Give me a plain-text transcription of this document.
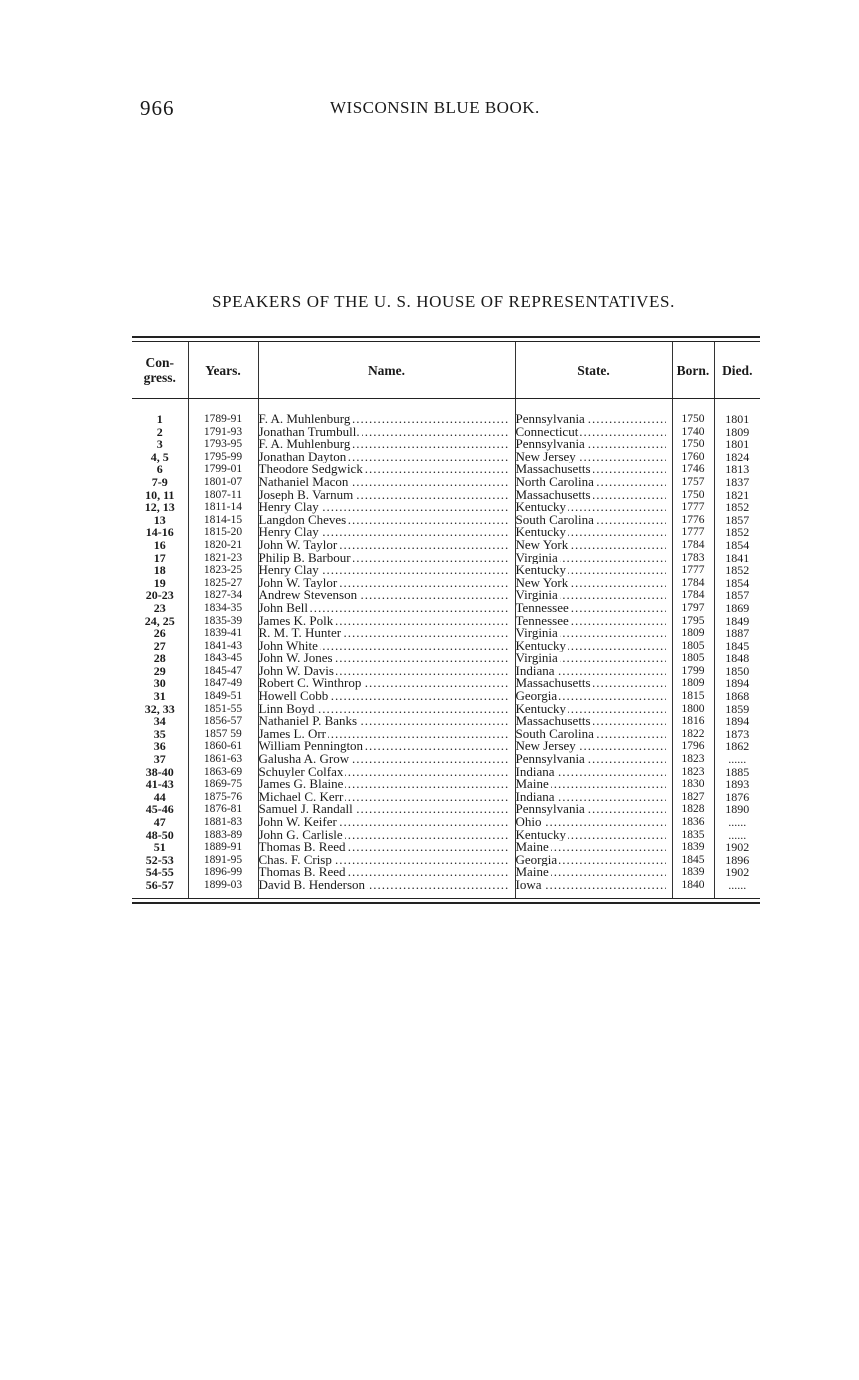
966	WISCONSIN BLUE BOOK.
SPEAKERS OF THE U. S. HOUSE OF REPRESENTATIVES.
Con- gress.	Years.	Name.	State.	Born.	Died.

1	1789-91	F. A. Muhlenburg .....	Pennsylvania .....	1750	1801
2	1791-93	Jonathan Trumbull. .....	Connecticut .....	1740	1809
3	1793-95	F. A. Muhlenburg .....	Pennsylvania .....	1750	1801
4, 5	1795-99	Jonathan Dayton .....	New Jersey .....	1760	1824
6	1799-01	Theodore Sedgwick .....	Massachusetts .....	1746	1813
7-9	1801-07	Nathaniel Macon .....	North Carolina .....	1757	1837
10, 11	1807-11	Joseph B. Varnum .....	Massachusetts .....	1750	1821
12, 13	1811-14	Henry Clay .....	Kentucky .....	1777	1852
13	1814-15	Langdon Cheves .....	South Carolina .....	1776	1857
14-16	1815-20	Henry Clay .....	Kentucky .....	1777	1852
16	1820-21	John W. Taylor .....	New York .....	1784	1854
17	1821-23	Philip B. Barbour .....	Virginia .....	1783	1841
18	1823-25	Henry Clay .....	Kentucky .....	1777	1852
19	1825-27	John W. Taylor .....	New York .....	1784	1854
20-23	1827-34	Andrew Stevenson .....	Virginia .....	1784	1857
23	1834-35	John Bell .....	Tennessee .....	1797	1869
24, 25	1835-39	James K. Polk .....	Tennessee .....	1795	1849
26	1839-41	R. M. T. Hunter .....	Virginia .....	1809	1887
27	1841-43	John White .....	Kentucky .....	1805	1845
28	1843-45	John W. Jones .....	Virginia .....	1805	1848
29	1845-47	John W. Davis .....	Indiana .....	1799	1850
30	1847-49	Robert C. Winthrop .....	Massachusetts .....	1809	1894
31	1849-51	Howell Cobb .....	Georgia .....	1815	1868
32, 33	1851-55	Linn Boyd .....	Kentucky .....	1800	1859
34	1856-57	Nathaniel P. Banks .....	Massachusetts .....	1816	1894
35	1857 59	James L. Orr .....	South Carolina .....	1822	1873
36	1860-61	William Pennington .....	New Jersey .....	1796	1862
37	1861-63	Galusha A. Grow .....	Pennsylvania .....	1823	......
38-40	1863-69	Schuyler Colfax .....	Indiana .....	1823	1885
41-43	1869-75	James G. Blaine .....	Maine .....	1830	1893
44	1875-76	Michael C. Kerr .....	Indiana .....	1827	1876
45-46	1876-81	Samuel J. Randall .....	Pennsylvania .....	1828	1890
47	1881-83	John W. Keifer .....	Ohio .....	1836	......
48-50	1883-89	John G. Carlisle .....	Kentucky .....	1835	......
51	1889-91	Thomas B. Reed .....	Maine .....	1839	1902
52-53	1891-95	Chas. F. Crisp .....	Georgia .....	1845	1896
54-55	1896-99	Thomas B. Reed .....	Maine .....	1839	1902
56-57	1899-03	David B. Henderson .....	Iowa .....	1840	......
